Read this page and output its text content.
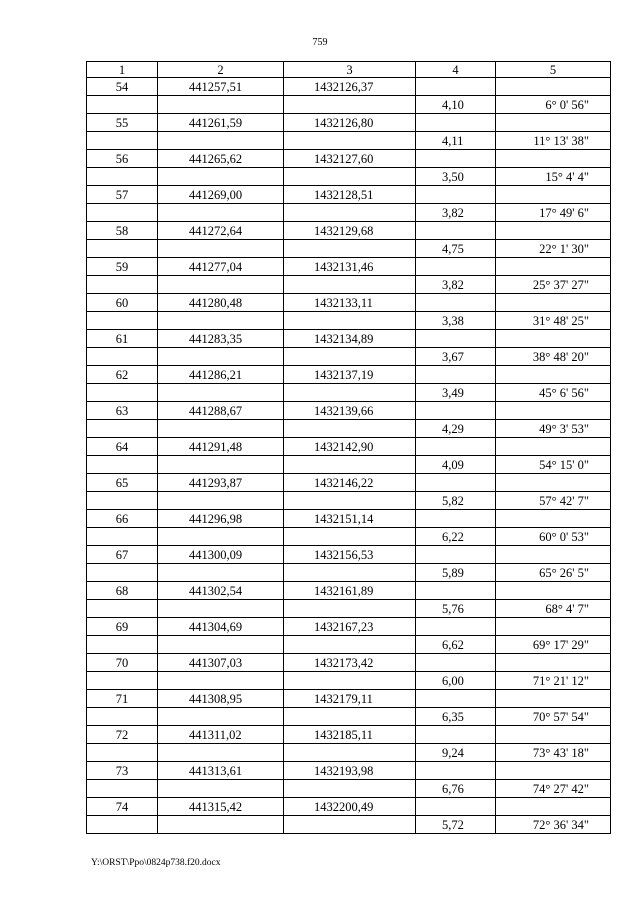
759
1	2	3	4	5
54	441257,51	1432126,37		
			4,10	6° 0' 56"
55	441261,59	1432126,80		
			4,11	11° 13' 38"
56	441265,62	1432127,60		
			3,50	15° 4' 4"
57	441269,00	1432128,51		
			3,82	17° 49' 6"
58	441272,64	1432129,68		
			4,75	22° 1' 30"
59	441277,04	1432131,46		
			3,82	25° 37' 27"
60	441280,48	1432133,11		
			3,38	31° 48' 25"
61	441283,35	1432134,89		
			3,67	38° 48' 20"
62	441286,21	1432137,19		
			3,49	45° 6' 56"
63	441288,67	1432139,66		
			4,29	49° 3' 53"
64	441291,48	1432142,90		
			4,09	54° 15' 0"
65	441293,87	1432146,22		
			5,82	57° 42' 7"
66	441296,98	1432151,14		
			6,22	60° 0' 53"
67	441300,09	1432156,53		
			5,89	65° 26' 5"
68	441302,54	1432161,89		
			5,76	68° 4' 7"
69	441304,69	1432167,23		
			6,62	69° 17' 29"
70	441307,03	1432173,42		
			6,00	71° 21' 12"
71	441308,95	1432179,11		
			6,35	70° 57' 54"
72	441311,02	1432185,11		
			9,24	73° 43' 18"
73	441313,61	1432193,98		
			6,76	74° 27' 42"
74	441315,42	1432200,49		
			5,72	72° 36' 34"
Y:\ORST\Ppo\0824p738.f20.docx
